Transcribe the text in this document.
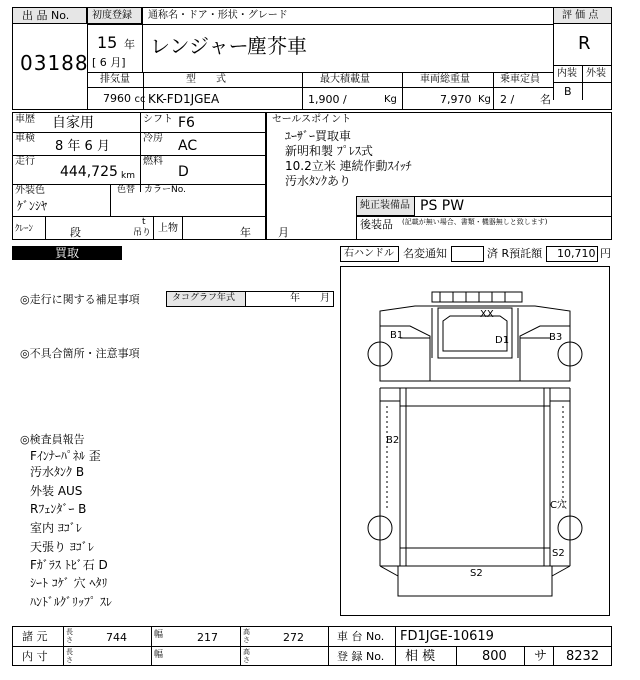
出 品 No.
03188
初度登録 通称名・ドア・形状・グレード
15 年
[ 6 月]
レンジャー
塵芥車
評 価 点
R
内装 外装
B
排気量	型　　式	最大積載量	車両総重量	乗車定員
7960 cc KK-FD1JGEA	1,900 /	Kg	7,970 Kg 2 / 名
車歴 自家用	シフト F6
車検
8 年 6 月
冷房 AC
走行
444,725 km
燃料
D
外装色
ｹﾞﾝｼﾔ
色替 カラーNo.
ｸﾚｰﾝ	段
t
吊り 上物	年 月
セールスポイント
ﾕｰｻﾞｰ買取車
新明和製 ﾌﾟﾚｽ式
10.2立米 連続作動ｽｲｯﾁ
汚水ﾀﾝｸあり
純正装備品 PS PW
後装品 (記載が無い場合、書類・機器無しと致します)
買取	右ハンドル 名変通知	済 R預託額 10,710 円
◎走行に関する補足事項	タコグラフ年式	年 月
◎不具合箇所・注意事項
◎検査員報告
Fｲﾝﾅｰﾊﾟﾈﾙ 歪
汚水ﾀﾝｸ B
外装 AUS
Rﾌｪﾝﾀﾞｰ B
室内 ﾖｺﾞﾚ
天張り ﾖｺﾞﾚ
Fｶﾞﾗｽ ﾄﾋﾞ石 D
ｼｰﾄ ｺｹﾞ 穴 ﾍﾀﾘ
ﾊﾝﾄﾞﾙｸﾞﾘｯﾌﾟ ｽﾚ
XX
B1	D1	B3
B2
C穴
S2
S2
諸 元	長さ	744	幅	217	高さ	272	車 台 No. FD1JGE-10619
内 寸	長さ	幅	高さ	登 録 No. 相 模	800 サ 8232
